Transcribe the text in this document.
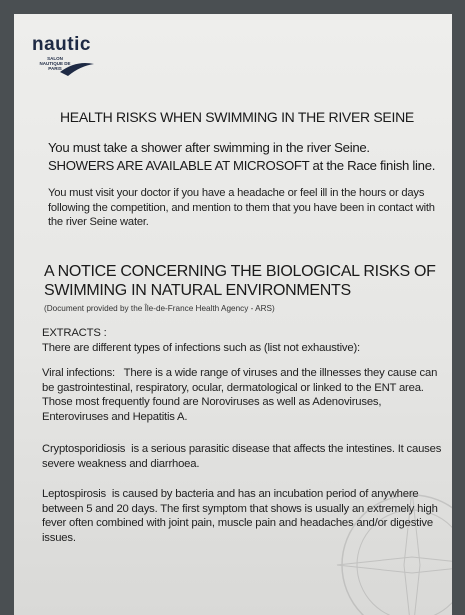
nautic
SALON NAUTIQUE DE PARIS
HEALTH RISKS WHEN SWIMMING IN THE RIVER SEINE
You must take a shower after swimming in the river Seine.
SHOWERS ARE AVAILABLE AT MICROSOFT at the Race finish line.
You must visit your doctor if you have a headache or feel ill in the hours or days following the competition, and mention to them that you have been in contact with the river Seine water.
A NOTICE CONCERNING THE BIOLOGICAL RISKS OF SWIMMING IN NATURAL ENVIRONMENTS
(Document provided by the Île-de-France Health Agency - ARS)
EXTRACTS :
There are different types of infections such as (list not exhaustive):
Viral infections: There is a wide range of viruses and the illnesses they cause can be gastrointestinal, respiratory, ocular, dermatological or linked to the ENT area. Those most frequently found are Noroviruses as well as Adenoviruses, Enteroviruses and Hepatitis A.
Cryptosporidiosis is a serious parasitic disease that affects the intestines. It causes severe weakness and diarrhoea.
Leptospirosis is caused by bacteria and has an incubation period of anywhere between 5 and 20 days. The first symptom that shows is usually an extremely high fever often combined with joint pain, muscle pain and headaches and/or digestive issues.
